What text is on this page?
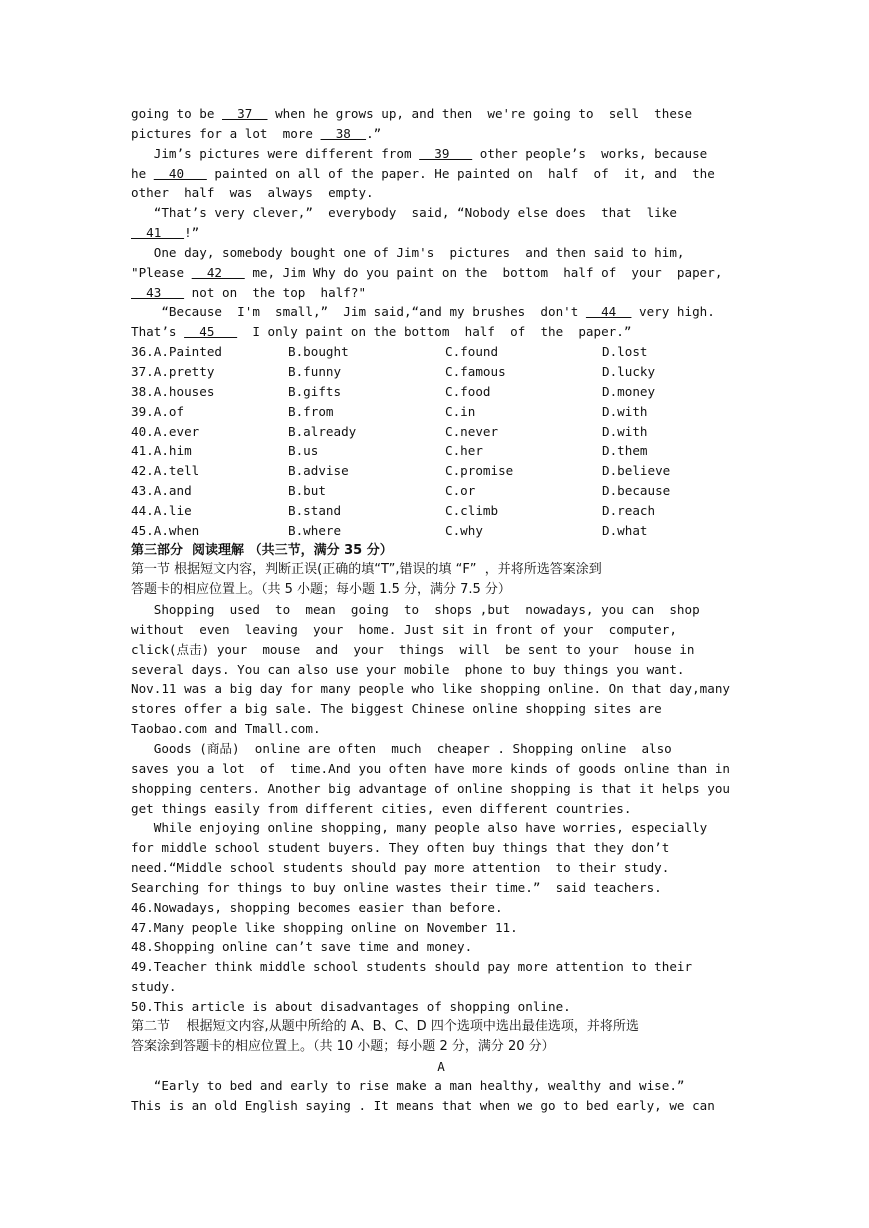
going to be   37   when he grows up, and then  we're going to  sell  these
pictures for a lot  more   38  .”
Jim’s pictures were different from   39    other people’s  works, because
he   40    painted on all of the paper. He painted on  half  of  it, and  the
other  half  was  always  empty.
“That’s very clever,”  everybody  said, “Nobody else does  that  like
41   !”
One day, somebody bought one of Jim's  pictures  and then said to him,
"Please   42    me, Jim Why do you paint on the  bottom  half of  your  paper,
43    not on  the top  half?"
“Because  I'm  small,”  Jim said,“and my brushes  don't   44   very high.
That’s   45     I only paint on the bottom  half  of  the  paper.”
36.A.Painted	B.bought	C.found	D.lost
37.A.pretty	B.funny	C.famous	D.lucky
38.A.houses	B.gifts	C.food	D.money
39.A.of	B.from	C.in	D.with
40.A.ever	B.already	C.never	D.with
41.A.him	B.us	C.her	D.them
42.A.tell	B.advise	C.promise	D.believe
43.A.and	B.but	C.or	D.because
44.A.lie	B.stand	C.climb	D.reach
45.A.when	B.where	C.why	D.what
第三部分  阅读理解 （共三节，满分 35 分）
第一节 根据短文内容，判断正误(正确的填“T”,错误的填 “F”  ，并将所选答案涂到
答题卡的相应位置上。（共 5 小题；每小题 1.5 分，满分 7.5 分）
Shopping  used  to  mean  going  to  shops ,but  nowadays, you can  shop
without  even  leaving  your  home. Just sit in front of your  computer,
click(点击) your  mouse  and  your  things  will  be sent to your  house in
several days. You can also use your mobile  phone to buy things you want.
Nov.11 was a big day for many people who like shopping online. On that day,many
stores offer a big sale. The biggest Chinese online shopping sites are
Taobao.com and Tmall.com.
Goods (商品)  online are often  much  cheaper . Shopping online  also
saves you a lot  of  time.And you often have more kinds of goods online than in
shopping centers. Another big advantage of online shopping is that it helps you
get things easily from different cities, even different countries.
While enjoying online shopping, many people also have worries, especially
for middle school student buyers. They often buy things that they don’t
need.“Middle school students should pay more attention  to their study.
Searching for things to buy online wastes their time.”  said teachers.
46.Nowadays, shopping becomes easier than before.
47.Many people like shopping online on November 11.
48.Shopping online can’t save time and money.
49.Teacher think middle school students should pay more attention to their
study.
50.This article is about disadvantages of shopping online.
第二节    根据短文内容,从题中所给的 A、B、C、D 四个选项中选出最佳选项，并将所选
答案涂到答题卡的相应位置上。（共 10 小题；每小题 2 分，满分 20 分）
A
“Early to bed and early to rise make a man healthy, wealthy and wise.”
This is an old English saying . It means that when we go to bed early, we can
